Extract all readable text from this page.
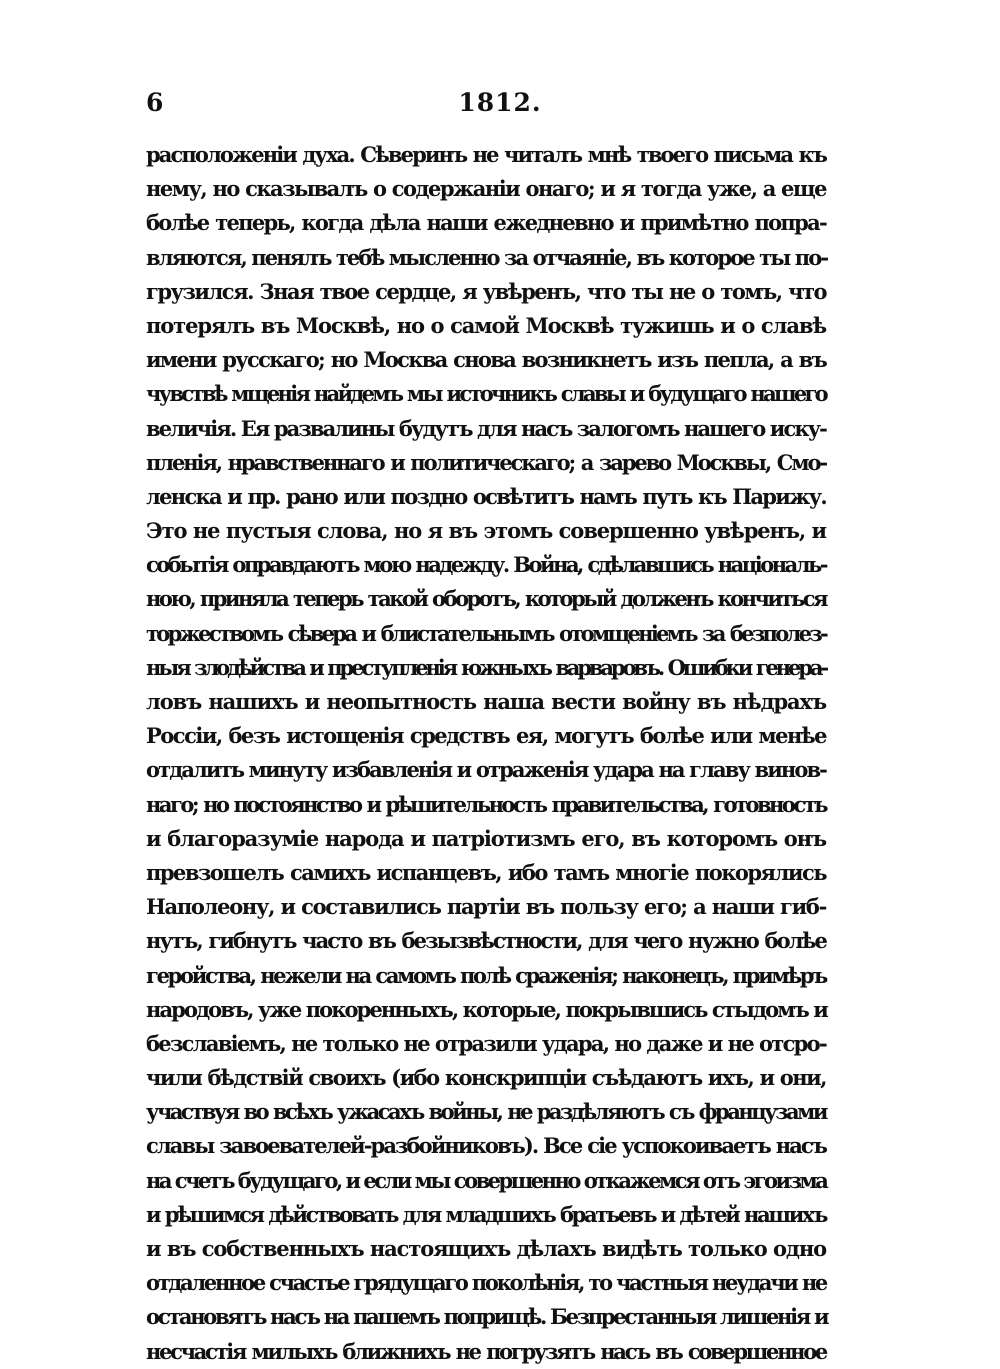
6	1812.
расположеніи духа. Сѣверинъ не читалъ мнѣ твоего письма къ
нему, но сказывалъ о содержаніи онаго; и я тогда уже, а еще
болѣе теперь, когда дѣла наши ежедневно и примѣтно попра-
вляются, пенялъ тебѣ мысленно за отчаяніе, въ которое ты по-
грузился. Зная твое сердце, я увѣренъ, что ты не о томъ, что
потерялъ въ Москвѣ, но о самой Москвѣ тужишь и о славѣ
имени русскаго; но Москва снова возникнетъ изъ пепла, а въ
чувствѣ мщенія найдемъ мы источникъ славы и будущаго нашего
величія. Ея развалины будутъ для насъ залогомъ нашего иску-
пленія, нравственнаго и политическаго; а зарево Москвы, Смо-
ленска и пр. рано или поздно освѣтитъ намъ путь къ Парижу.
Это не пустыя слова, но я въ этомъ совершенно увѣренъ, и
событія оправдаютъ мою надежду. Война, сдѣлавшись національ-
ною, приняла теперь такой оборотъ, который долженъ кончиться
торжествомъ сѣвера и блистательнымъ отомщеніемъ за безполез-
ныя злодѣйства и преступленія южныхъ варваровъ. Ошибки генера-
ловъ нашихъ и неопытность наша вести войну въ нѣдрахъ
Россіи, безъ истощенія средствъ ея, могутъ болѣе или менѣе
отдалить минуту избавленія и отраженія удара на главу винов-
наго; но постоянство и рѣшительность правительства, готовность
и благоразуміе народа и патріотизмъ его, въ которомъ онъ
превзошелъ самихъ испанцевъ, ибо тамъ многіе покорялись
Наполеону, и составились партіи въ пользу его; а наши гиб-
нутъ, гибнутъ часто въ безызвѣстности, для чего нужно болѣе
геройства, нежели на самомъ полѣ сраженія; наконецъ, примѣръ
народовъ, уже покоренныхъ, которые, покрывшись стыдомъ и
безславіемъ, не только не отразили удара, но даже и не отсро-
чили бѣдствій своихъ (ибо конскрипціи съѣдаютъ ихъ, и они,
участвуя во всѣхъ ужасахъ войны, не раздѣляютъ съ французами
славы завоевателей-разбойниковъ). Все сіе успокоиваетъ насъ
на счетъ будущаго, и если мы совершенно откажемся отъ эгоизма
и рѣшимся дѣйствовать для младшихъ братьевъ и дѣтей нашихъ
и въ собственныхъ настоящихъ дѣлахъ видѣть только одно
отдаленное счастье грядущаго поколѣнія, то частныя неудачи не
остановятъ насъ на пашемъ поприщѣ. Безпрестанныя лишенія и
несчастія милыхъ ближнихъ не погрузятъ насъ въ совершенное
